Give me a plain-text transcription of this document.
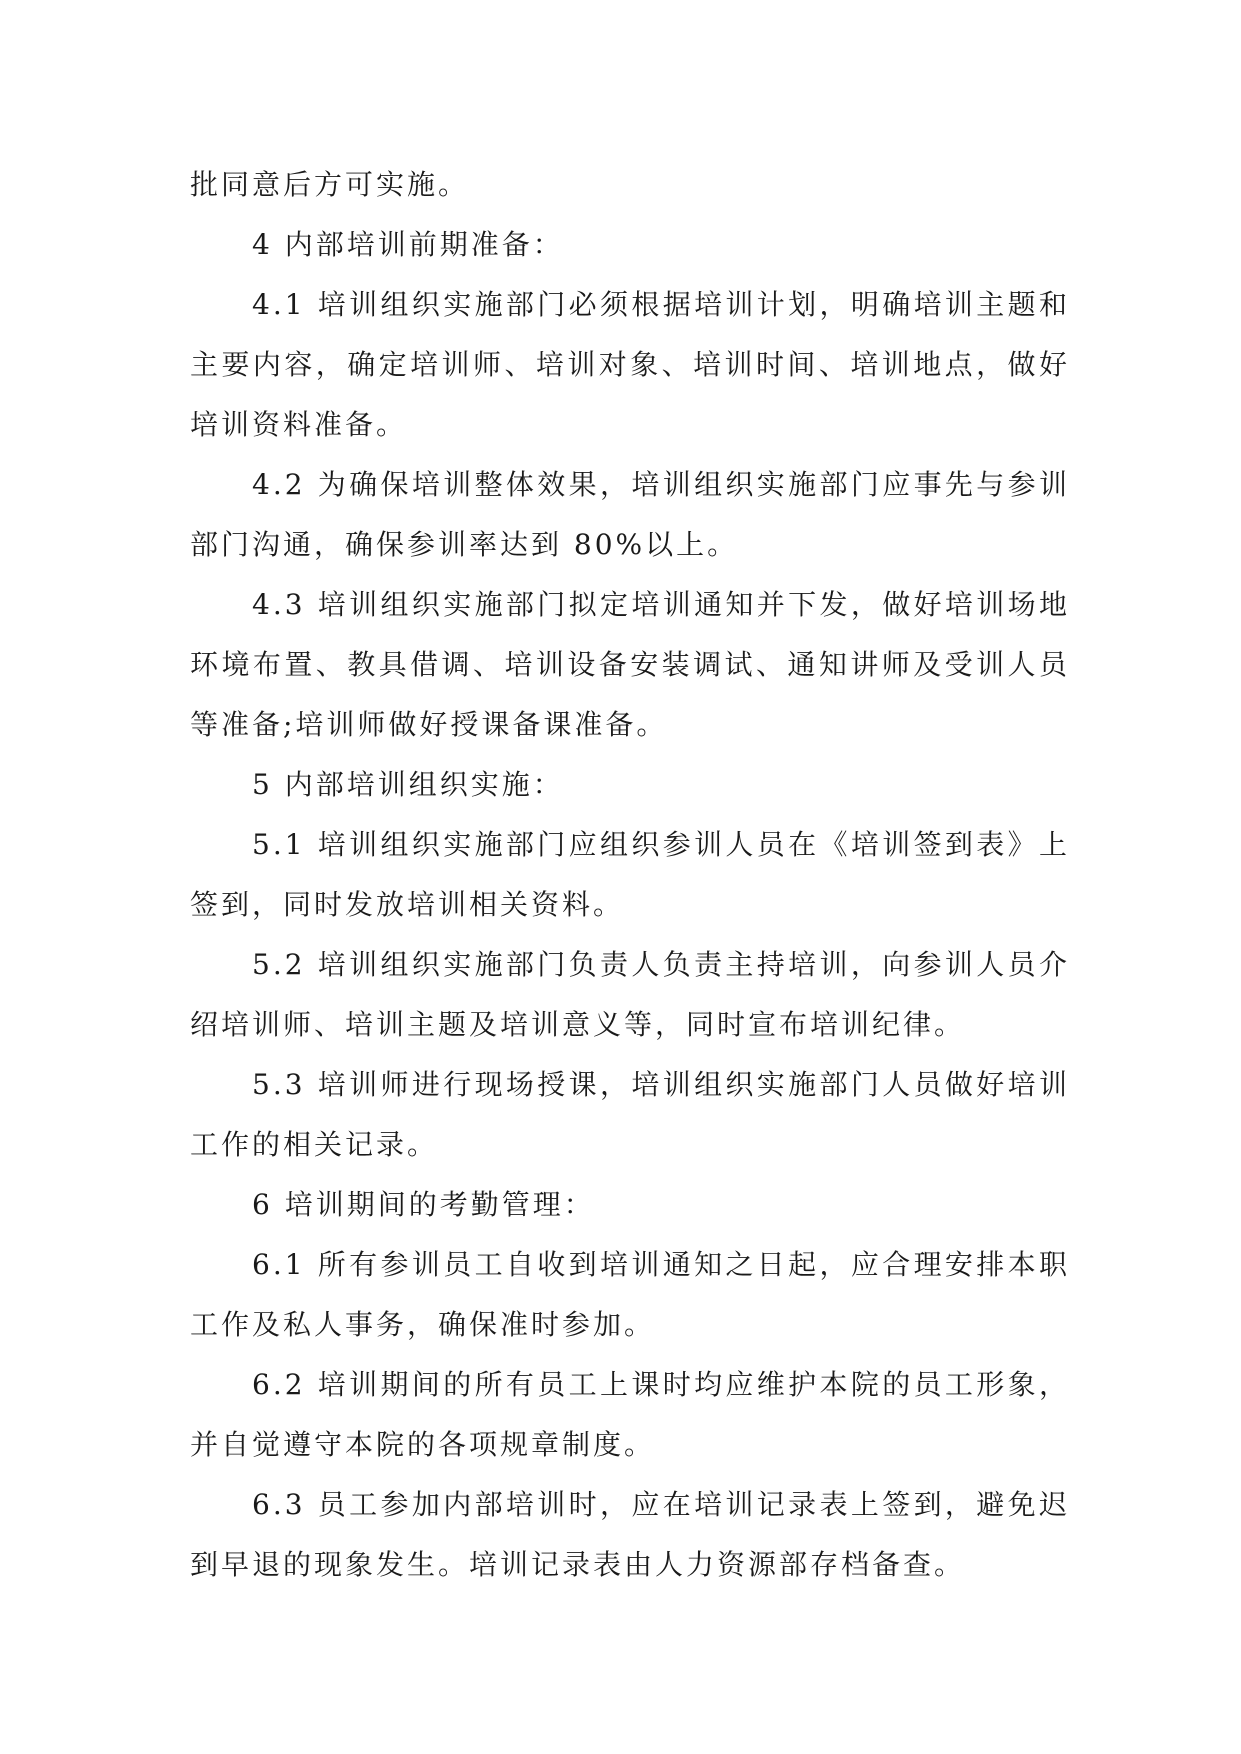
批同意后方可实施。

4 内部培训前期准备：

4.1 培训组织实施部门必须根据培训计划，明确培训主题和主要内容，确定培训师、培训对象、培训时间、培训地点，做好培训资料准备。

4.2 为确保培训整体效果，培训组织实施部门应事先与参训部门沟通，确保参训率达到 80%以上。

4.3 培训组织实施部门拟定培训通知并下发，做好培训场地环境布置、教具借调、培训设备安装调试、通知讲师及受训人员等准备;培训师做好授课备课准备。

5 内部培训组织实施：

5.1 培训组织实施部门应组织参训人员在《培训签到表》上签到，同时发放培训相关资料。

5.2 培训组织实施部门负责人负责主持培训，向参训人员介绍培训师、培训主题及培训意义等，同时宣布培训纪律。

5.3 培训师进行现场授课，培训组织实施部门人员做好培训工作的相关记录。

6 培训期间的考勤管理：

6.1 所有参训员工自收到培训通知之日起，应合理安排本职工作及私人事务，确保准时参加。

6.2 培训期间的所有员工上课时均应维护本院的员工形象，并自觉遵守本院的各项规章制度。

6.3 员工参加内部培训时，应在培训记录表上签到，避免迟到早退的现象发生。培训记录表由人力资源部存档备查。
